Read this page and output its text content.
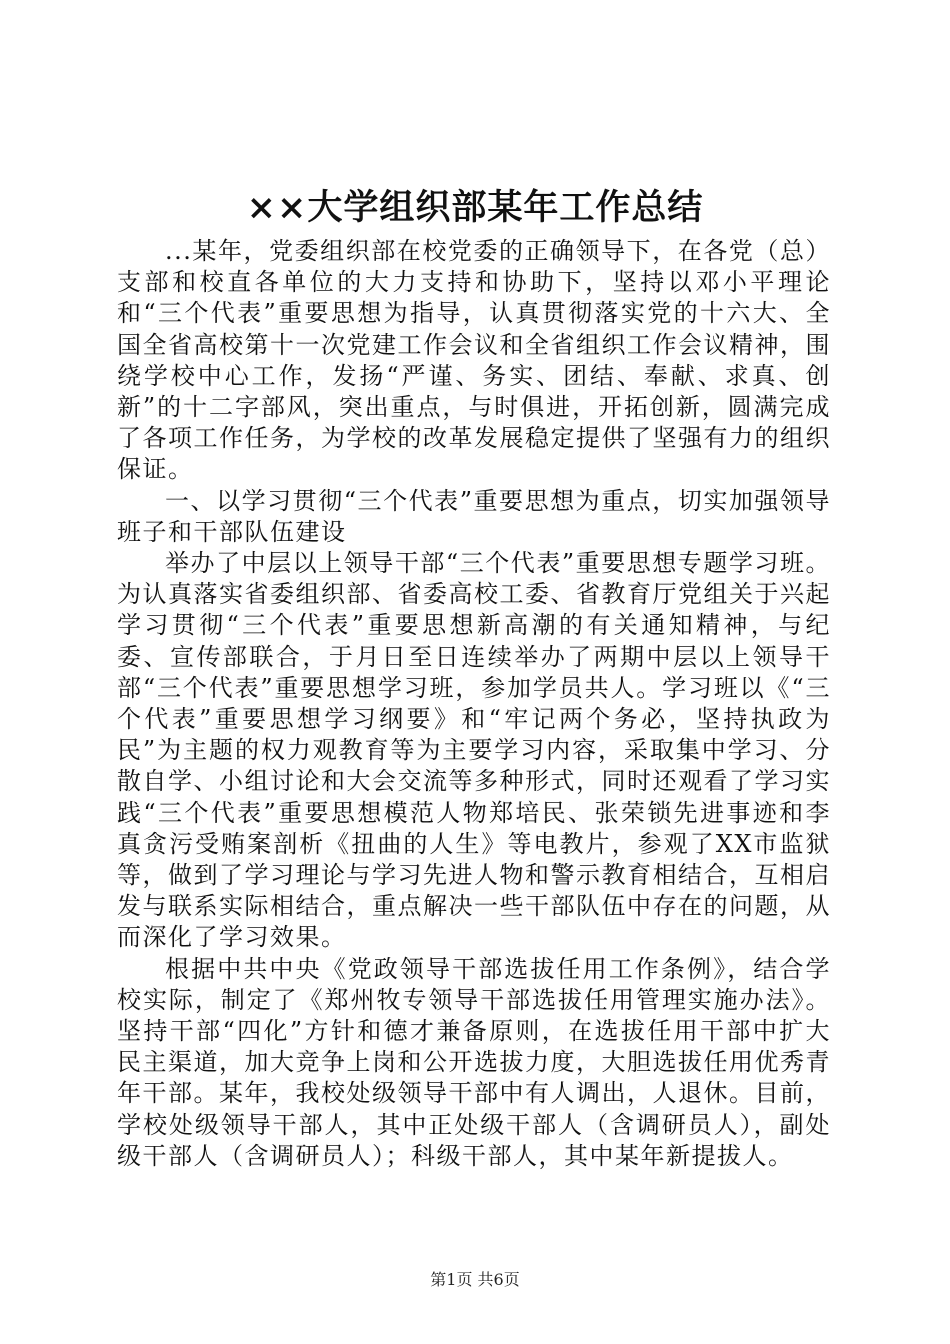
××大学组织部某年工作总结

...某年，党委组织部在校党委的正确领导下，在各党（总）支部和校直各单位的大力支持和协助下，坚持以邓小平理论和“三个代表”重要思想为指导，认真贯彻落实党的十六大、全国全省高校第十一次党建工作会议和全省组织工作会议精神，围绕学校中心工作，发扬“严谨、务实、团结、奉献、求真、创新”的十二字部风，突出重点，与时俱进，开拓创新，圆满完成了各项工作任务，为学校的改革发展稳定提供了坚强有力的组织保证。

一、以学习贯彻“三个代表”重要思想为重点，切实加强领导班子和干部队伍建设

举办了中层以上领导干部“三个代表”重要思想专题学习班。为认真落实省委组织部、省委高校工委、省教育厅党组关于兴起学习贯彻“三个代表”重要思想新高潮的有关通知精神，与纪委、宣传部联合，于月日至日连续举办了两期中层以上领导干部“三个代表”重要思想学习班，参加学员共人。学习班以《“三个代表”重要思想学习纲要》和“牢记两个务必，坚持执政为民”为主题的权力观教育等为主要学习内容，采取集中学习、分散自学、小组讨论和大会交流等多种形式，同时还观看了学习实践“三个代表”重要思想模范人物郑培民、张荣锁先进事迹和李真贪污受贿案剖析《扭曲的人生》等电教片，参观了XX市监狱等，做到了学习理论与学习先进人物和警示教育相结合，互相启发与联系实际相结合，重点解决一些干部队伍中存在的问题，从而深化了学习效果。

根据中共中央《党政领导干部选拔任用工作条例》，结合学校实际，制定了《郑州牧专领导干部选拔任用管理实施办法》。坚持干部“四化”方针和德才兼备原则，在选拔任用干部中扩大民主渠道，加大竞争上岗和公开选拔力度，大胆选拔任用优秀青年干部。某年，我校处级领导干部中有人调出，人退休。目前，学校处级领导干部人，其中正处级干部人（含调研员人），副处级干部人（含调研员人）；科级干部人，其中某年新提拔人。

第1页 共6页
